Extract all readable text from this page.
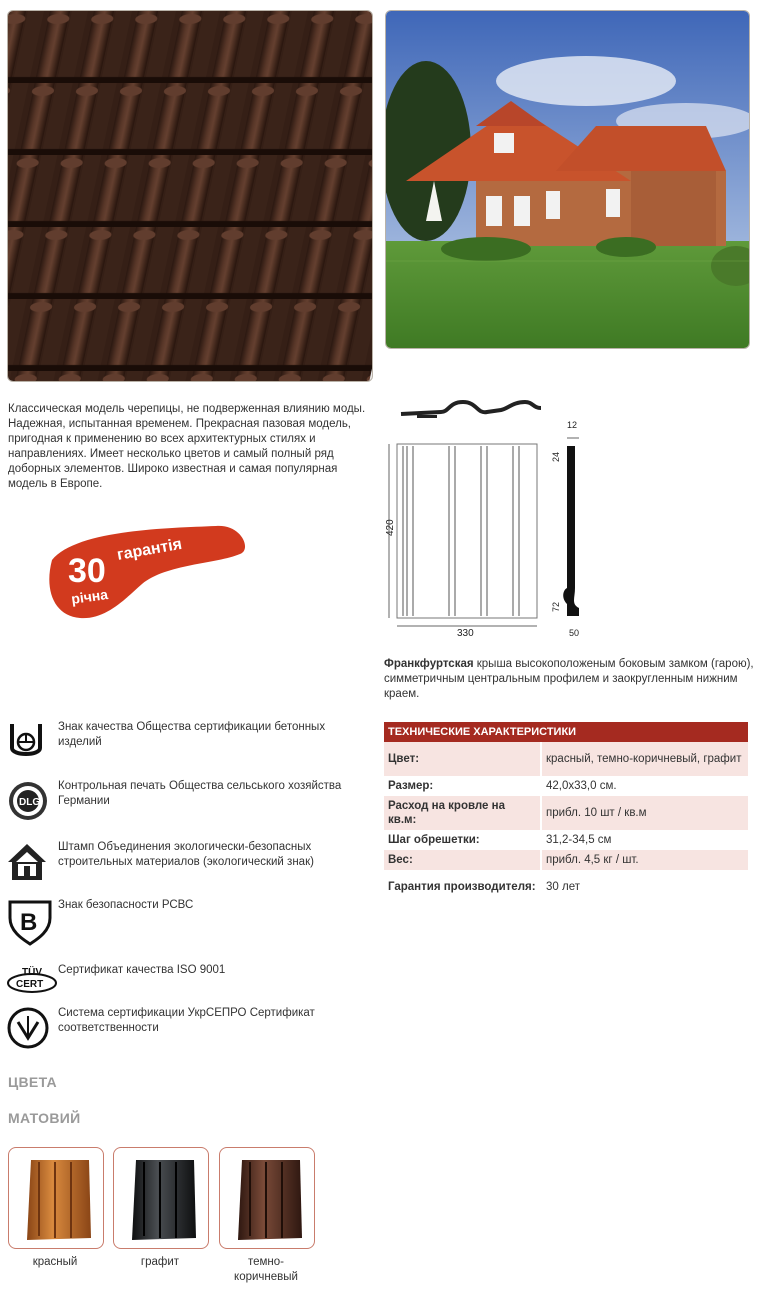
Классическая модель черепицы, не подверженная влиянию моды. Надежная, испытанная временем. Прекрасная пазовая модель, пригодная к применению во всех архитектурных стилях и направлениях. Имеет несколько цветов и самый полный ряд доборных элементов. Широко известная и самая популярная модель в Европе.
30
гарантія
річна
420
330
12
24
72
50
Франкфуртская крыша высокоположеным боковым замком (гарою), симметричным центральным профилем и заокругленным нижним краем.
Знак качества Общества сертификации бетонных изделий
DLG
Контрольная печать Общества сельського хозяйства Германии
Штамп Объединения экологически-безопасных строительных материалов (экологический знак)
B
Знак безопасности РСВС
TÜV
CERT
Сертификат качества ISO 9001
Система сертификации УкрСЕПРО Сертификат соответственности
ТЕХНИЧЕСКИЕ ХАРАКТЕРИСТИКИ	
Цвет:	красный, темно-коричневый, графит
Размер:	42,0x33,0 см.
Расход на кровле на кв.м:	прибл. 10 шт / кв.м
Шаг обрешетки:	31,2-34,5 см
Вес:	прибл. 4,5 кг / шт.
Гарантия производителя:	30 лет
ЦВЕТА
МАТОВИЙ
красный	графит	темно-коричневый
